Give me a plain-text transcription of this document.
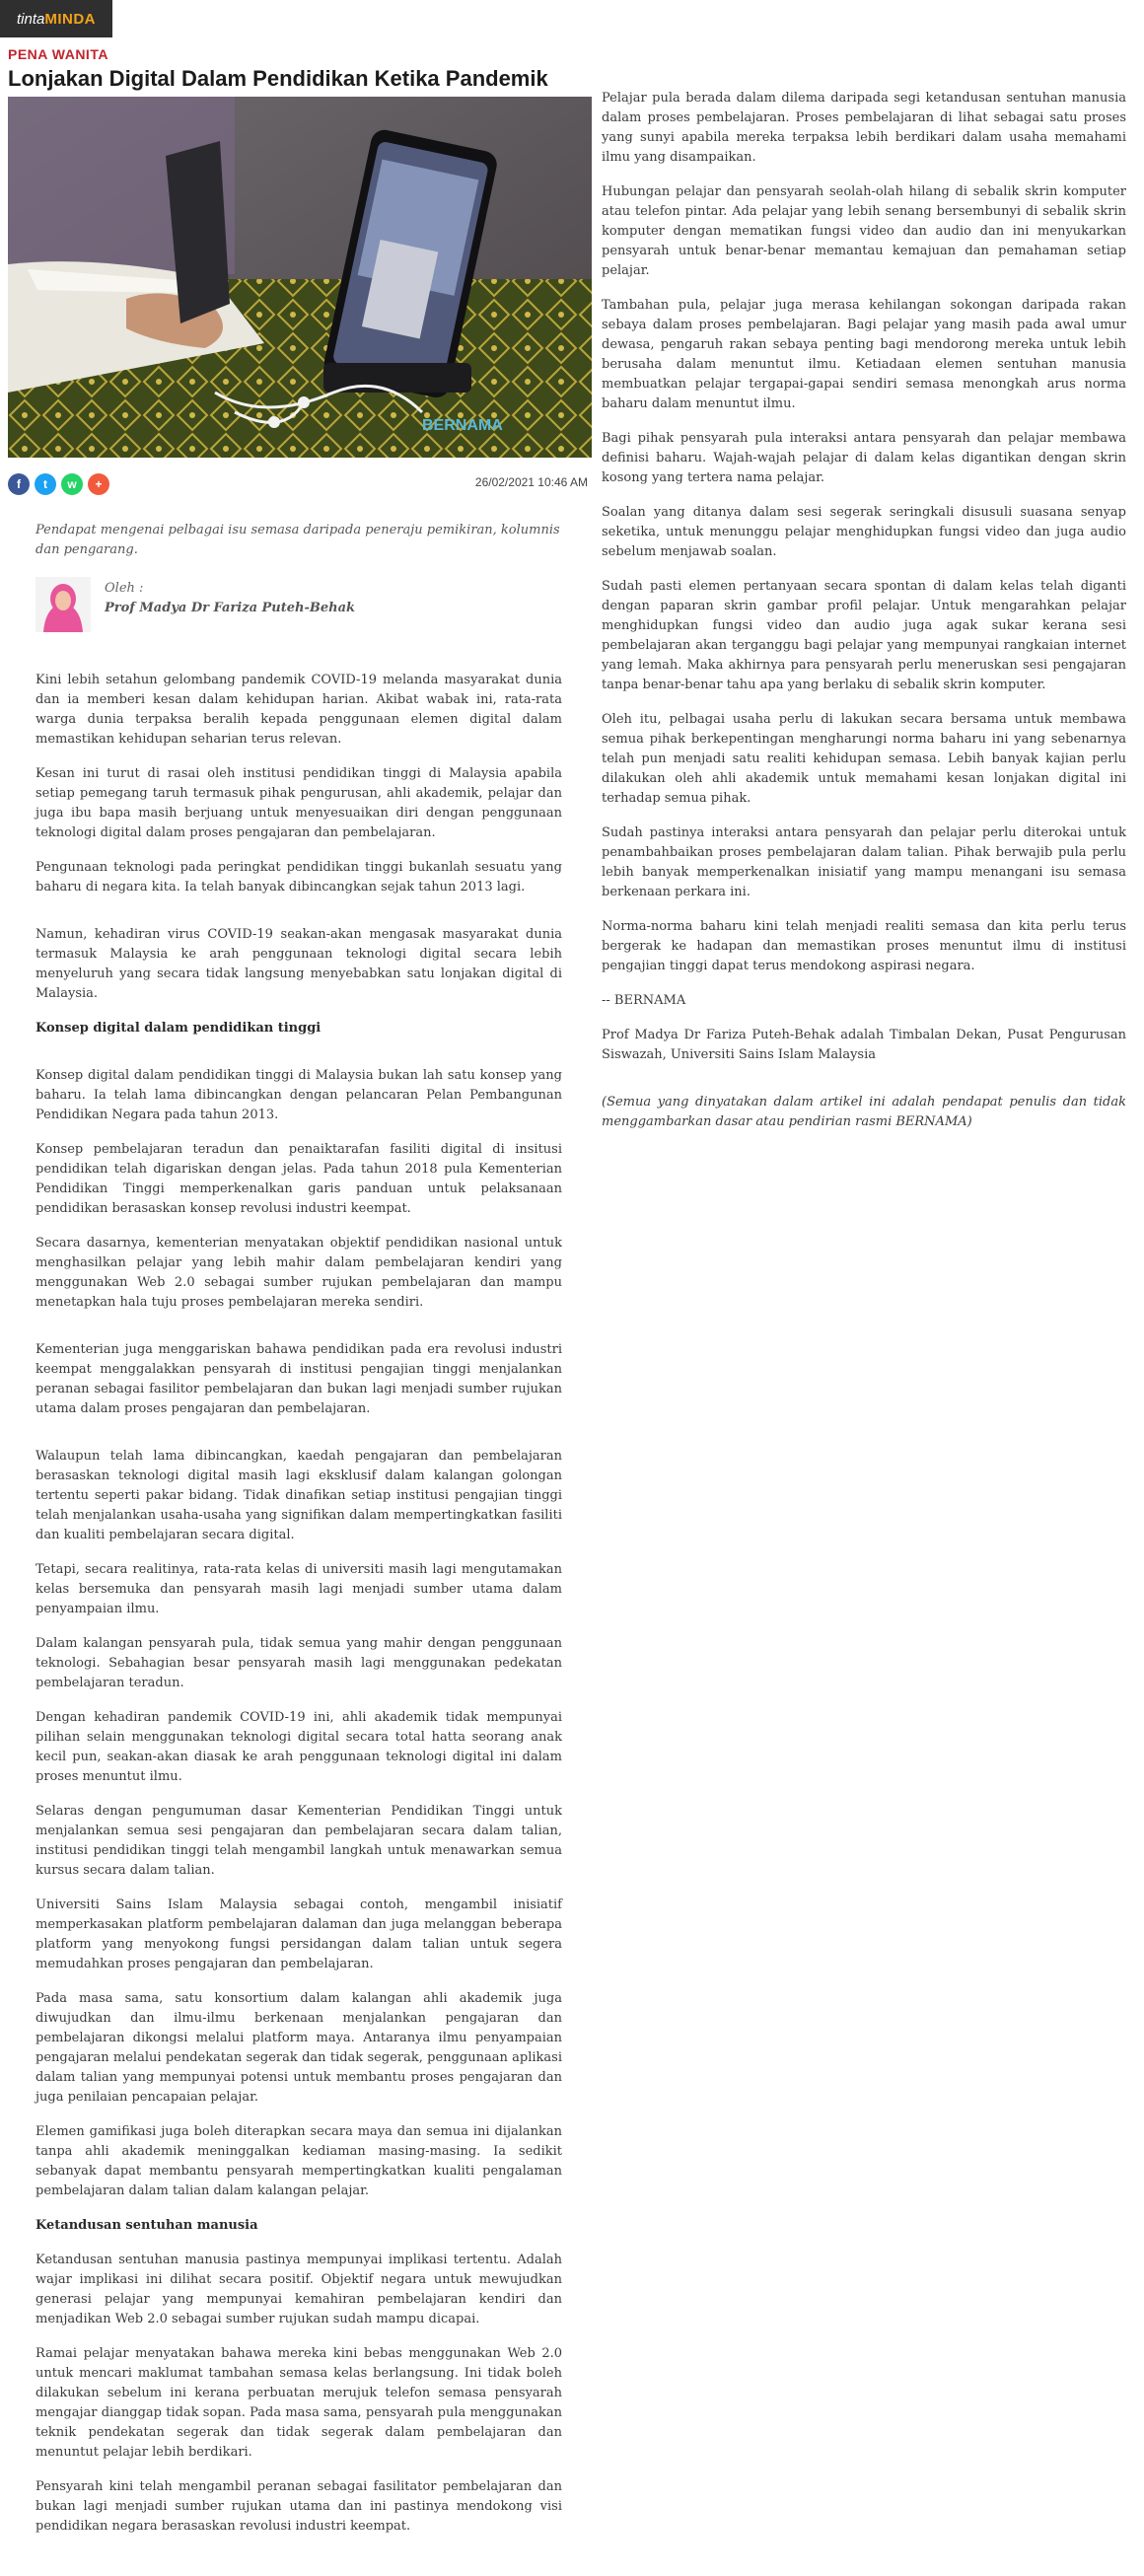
tinta MINDA
PENA WANITA
Lonjakan Digital Dalam Pendidikan Ketika Pandemik
BERNAMA
f	t	w	+	26/02/2021 10:46 AM

Pendapat mengenai pelbagai isu semasa daripada peneraju pemikiran, kolumnis dan pengarang.

Oleh :
Prof Madya Dr Fariza Puteh-Behak

Kini lebih setahun gelombang pandemik COVID-19 melanda masyarakat dunia dan ia memberi kesan dalam kehidupan harian. Akibat wabak ini, rata-rata warga dunia terpaksa beralih kepada penggunaan elemen digital dalam memastikan kehidupan seharian terus relevan.

Kesan ini turut di rasai oleh institusi pendidikan tinggi di Malaysia apabila setiap pemegang taruh termasuk pihak pengurusan, ahli akademik, pelajar dan juga ibu bapa masih berjuang untuk menyesuaikan diri dengan penggunaan teknologi digital dalam proses pengajaran dan pembelajaran.

Pengunaan teknologi pada peringkat pendidikan tinggi bukanlah sesuatu yang baharu di negara kita. Ia telah banyak dibincangkan sejak tahun 2013 lagi.

Namun, kehadiran virus COVID-19 seakan-akan mengasak masyarakat dunia termasuk Malaysia ke arah penggunaan teknologi digital secara lebih menyeluruh yang secara tidak langsung menyebabkan satu lonjakan digital di Malaysia.

Konsep digital dalam pendidikan tinggi

Konsep digital dalam pendidikan tinggi di Malaysia bukan lah satu konsep yang baharu. Ia telah lama dibincangkan dengan pelancaran Pelan Pembangunan Pendidikan Negara pada tahun 2013.

Konsep pembelajaran teradun dan penaiktarafan fasiliti digital di insitusi pendidikan telah digariskan dengan jelas. Pada tahun 2018 pula Kementerian Pendidikan Tinggi memperkenalkan garis panduan untuk pelaksanaan pendidikan berasaskan konsep revolusi industri keempat.

Secara dasarnya, kementerian menyatakan objektif pendidikan nasional untuk menghasilkan pelajar yang lebih mahir dalam pembelajaran kendiri yang menggunakan Web 2.0 sebagai sumber rujukan pembelajaran dan mampu menetapkan hala tuju proses pembelajaran mereka sendiri.

Kementerian juga menggariskan bahawa pendidikan pada era revolusi industri keempat menggalakkan pensyarah di institusi pengajian tinggi menjalankan peranan sebagai fasilitor pembelajaran dan bukan lagi menjadi sumber rujukan utama dalam proses pengajaran dan pembelajaran.

Walaupun telah lama dibincangkan, kaedah pengajaran dan pembelajaran berasaskan teknologi digital masih lagi eksklusif dalam kalangan golongan tertentu seperti pakar bidang. Tidak dinafikan setiap institusi pengajian tinggi telah menjalankan usaha-usaha yang signifikan dalam mempertingkatkan fasiliti dan kualiti pembelajaran secara digital.

Tetapi, secara realitinya, rata-rata kelas di universiti masih lagi mengutamakan kelas bersemuka dan pensyarah masih lagi menjadi sumber utama dalam penyampaian ilmu.

Dalam kalangan pensyarah pula, tidak semua yang mahir dengan penggunaan teknologi. Sebahagian besar pensyarah masih lagi menggunakan pedekatan pembelajaran teradun.

Dengan kehadiran pandemik COVID-19 ini, ahli akademik tidak mempunyai pilihan selain menggunakan teknologi digital secara total hatta seorang anak kecil pun, seakan-akan diasak ke arah penggunaan teknologi digital ini dalam proses menuntut ilmu.

Selaras dengan pengumuman dasar Kementerian Pendidikan Tinggi untuk menjalankan semua sesi pengajaran dan pembelajaran secara dalam talian, institusi pendidikan tinggi telah mengambil langkah untuk menawarkan semua kursus secara dalam talian.

Universiti Sains Islam Malaysia sebagai contoh, mengambil inisiatif memperkasakan platform pembelajaran dalaman dan juga melanggan beberapa platform yang menyokong fungsi persidangan dalam talian untuk segera memudahkan proses pengajaran dan pembelajaran.

Pada masa sama, satu konsortium dalam kalangan ahli akademik juga diwujudkan dan ilmu-ilmu berkenaan menjalankan pengajaran dan pembelajaran dikongsi melalui platform maya. Antaranya ilmu penyampaian pengajaran melalui pendekatan segerak dan tidak segerak, penggunaan aplikasi dalam talian yang mempunyai potensi untuk membantu proses pengajaran dan juga penilaian pencapaian pelajar.

Elemen gamifikasi juga boleh diterapkan secara maya dan semua ini dijalankan tanpa ahli akademik meninggalkan kediaman masing-masing. Ia sedikit sebanyak dapat membantu pensyarah mempertingkatkan kualiti pengalaman pembelajaran dalam talian dalam kalangan pelajar.

Ketandusan sentuhan manusia

Ketandusan sentuhan manusia pastinya mempunyai implikasi tertentu. Adalah wajar implikasi ini dilihat secara positif. Objektif negara untuk mewujudkan generasi pelajar yang mempunyai kemahiran pembelajaran kendiri dan menjadikan Web 2.0 sebagai sumber rujukan sudah mampu dicapai.

Ramai pelajar menyatakan bahawa mereka kini bebas menggunakan Web 2.0 untuk mencari maklumat tambahan semasa kelas berlangsung. Ini tidak boleh dilakukan sebelum ini kerana perbuatan merujuk telefon semasa pensyarah mengajar dianggap tidak sopan. Pada masa sama, pensyarah pula menggunakan teknik pendekatan segerak dan tidak segerak dalam pembelajaran dan menuntut pelajar lebih berdikari.

Pensyarah kini telah mengambil peranan sebagai fasilitator pembelajaran dan bukan lagi menjadi sumber rujukan utama dan ini pastinya mendokong visi pendidikan negara berasaskan revolusi industri keempat.

Pelajar pula berada dalam dilema daripada segi ketandusan sentuhan manusia dalam proses pembelajaran. Proses pembelajaran di lihat sebagai satu proses yang sunyi apabila mereka terpaksa lebih berdikari dalam usaha memahami ilmu yang disampaikan.

Hubungan pelajar dan pensyarah seolah-olah hilang di sebalik skrin komputer atau telefon pintar. Ada pelajar yang lebih senang bersembunyi di sebalik skrin komputer dengan mematikan fungsi video dan audio dan ini menyukarkan pensyarah untuk benar-benar memantau kemajuan dan pemahaman setiap pelajar.

Tambahan pula, pelajar juga merasa kehilangan sokongan daripada rakan sebaya dalam proses pembelajaran. Bagi pelajar yang masih pada awal umur dewasa, pengaruh rakan sebaya penting bagi mendorong mereka untuk lebih berusaha dalam menuntut ilmu. Ketiadaan elemen sentuhan manusia membuatkan pelajar tergapai-gapai sendiri semasa menongkah arus norma baharu dalam menuntut ilmu.

Bagi pihak pensyarah pula interaksi antara pensyarah dan pelajar membawa definisi baharu. Wajah-wajah pelajar di dalam kelas digantikan dengan skrin kosong yang tertera nama pelajar.

Soalan yang ditanya dalam sesi segerak seringkali disusuli suasana senyap seketika, untuk menunggu pelajar menghidupkan fungsi video dan juga audio sebelum menjawab soalan.

Sudah pasti elemen pertanyaan secara spontan di dalam kelas telah diganti dengan paparan skrin gambar profil pelajar. Untuk mengarahkan pelajar menghidupkan fungsi video dan audio juga agak sukar kerana sesi pembelajaran akan terganggu bagi pelajar yang mempunyai rangkaian internet yang lemah. Maka akhirnya para pensyarah perlu meneruskan sesi pengajaran tanpa benar-benar tahu apa yang berlaku di sebalik skrin komputer.

Oleh itu, pelbagai usaha perlu di lakukan secara bersama untuk membawa semua pihak berkepentingan mengharungi norma baharu ini yang sebenarnya telah pun menjadi satu realiti kehidupan semasa. Lebih banyak kajian perlu dilakukan oleh ahli akademik untuk memahami kesan lonjakan digital ini terhadap semua pihak.

Sudah pastinya interaksi antara pensyarah dan pelajar perlu diterokai untuk penambahbaikan proses pembelajaran dalam talian. Pihak berwajib pula perlu lebih banyak memperkenalkan inisiatif yang mampu menangani isu semasa berkenaan perkara ini.

Norma-norma baharu kini telah menjadi realiti semasa dan kita perlu terus bergerak ke hadapan dan memastikan proses menuntut ilmu di institusi pengajian tinggi dapat terus mendokong aspirasi negara.

-- BERNAMA

Prof Madya Dr Fariza Puteh-Behak adalah Timbalan Dekan, Pusat Pengurusan Siswazah, Universiti Sains Islam Malaysia

(Semua yang dinyatakan dalam artikel ini adalah pendapat penulis dan tidak menggambarkan dasar atau pendirian rasmi BERNAMA)
